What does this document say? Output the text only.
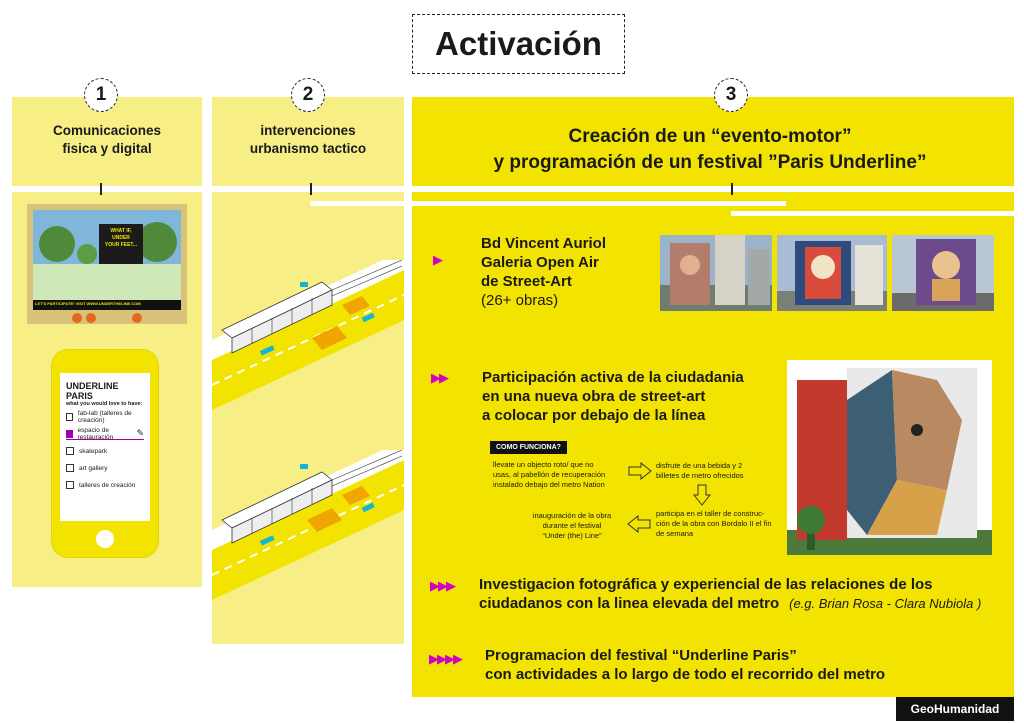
Activación
1	2	3
Comunicaciones
fisica y digital
intervenciones
urbanismo tactico
Creación de un “evento-motor”
y programación de un festival ”Paris Underline”
WHAT IF,
UNDER
YOUR FEET...
LET'S PARTICIPATE! VISIT WWW.UNDERTHELINE.COM
UNDERLINE PARIS
what you would love to have:
fab-lab (talleres de creación)
espacio de restauración	✎
skatepark
art gallery
talleres de creación
▶
Bd Vincent Auriol
Galeria Open Air
de Street-Art
(26+ obras)
▶▶ Participación activa de la ciudadania
en una nueva obra de street-art
a colocar por debajo de la línea
COMO FUNCIONA?
llevate un objecto roto/ que no
usas, al pabellón de recuperación
instalado debajo del metro Nation
disfrute de una bebida y 2
billetes de metro ofrecidos
participa en el taller de construc-
ción de la obra con Bordalo II el fin
de semana
inauguración de la obra
durante el festival
“Under (the) Line”
BORDALO
▶▶▶ Investigacion fotográfica y experiencial de las relaciones de los
ciudadanos con la linea elevada del metro (e.g. Brian Rosa - Clara Nubiola )
▶▶▶▶ Programacion del festival “Underline Paris”
con actividades a lo largo de todo el recorrido del metro
GeoHumanidad
